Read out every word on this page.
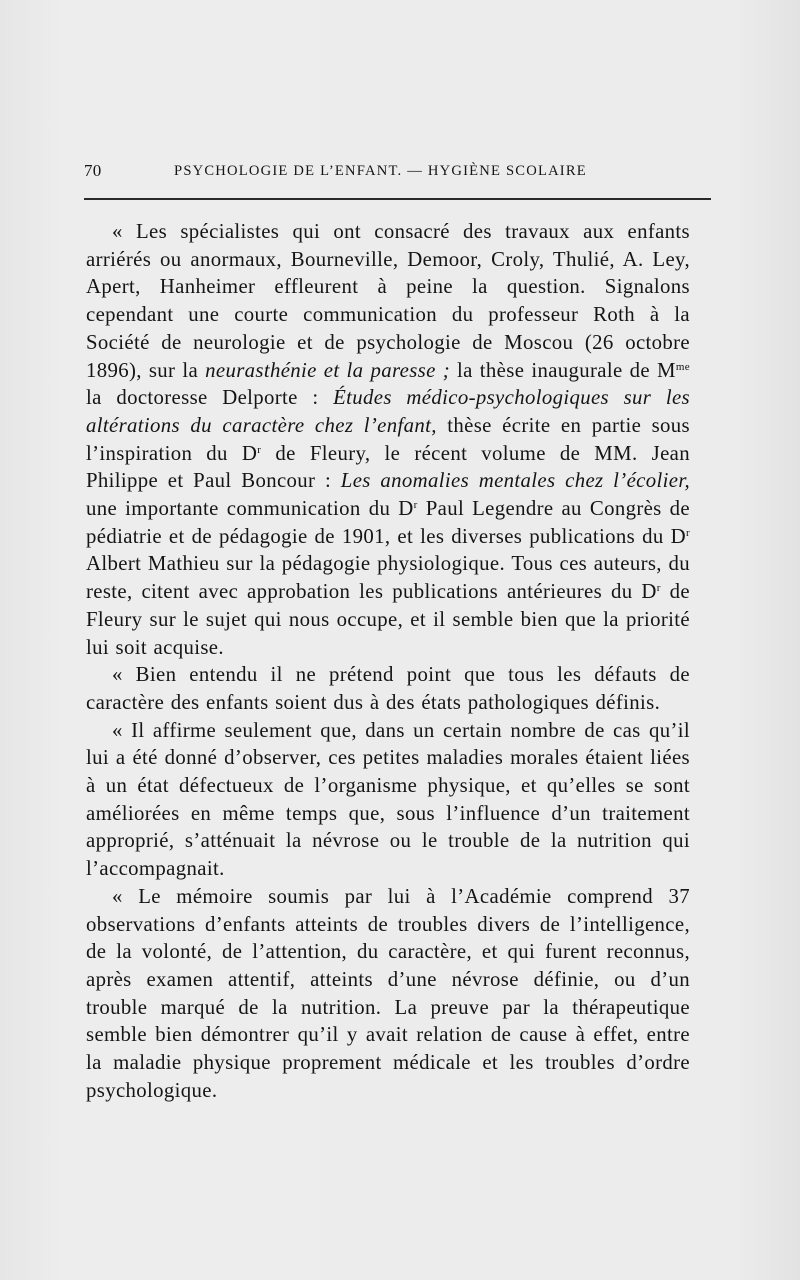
70	PSYCHOLOGIE DE L’ENFANT. — HYGIÈNE SCOLAIRE

« Les spécialistes qui ont consacré des travaux aux enfants arriérés ou anormaux, Bourneville, Demoor, Croly, Thulié, A. Ley, Apert, Hanheimer effleurent à peine la question. Signalons cependant une courte communication du professeur Roth à la Société de neurologie et de psychologie de Moscou (26 octobre 1896), sur la neurasthénie et la paresse ; la thèse inaugurale de $M^{me}$ la doctoresse Delporte : Études médico-psychologiques sur les altérations du caractère chez l’enfant, thèse écrite en partie sous l’inspiration du $D^r$ de Fleury, le récent volume de MM. Jean Philippe et Paul Boncour : Les anomalies mentales chez l’écolier, une importante communication du $D^r$ Paul Legendre au Congrès de pédiatrie et de pédagogie de 1901, et les diverses publications du $D^r$ Albert Mathieu sur la pédagogie physiologique. Tous ces auteurs, du reste, citent avec approbation les publications antérieures du $D^r$ de Fleury sur le sujet qui nous occupe, et il semble bien que la priorité lui soit acquise.

« Bien entendu il ne prétend point que tous les défauts de caractère des enfants soient dus à des états pathologiques définis.

« Il affirme seulement que, dans un certain nombre de cas qu’il lui a été donné d’observer, ces petites maladies morales étaient liées à un état défectueux de l’organisme physique, et qu’elles se sont améliorées en même temps que, sous l’influence d’un traitement approprié, s’atténuait la névrose ou le trouble de la nutrition qui l’accompagnait.

« Le mémoire soumis par lui à l’Académie comprend 37 observations d’enfants atteints de troubles divers de l’intelligence, de la volonté, de l’attention, du caractère, et qui furent reconnus, après examen attentif, atteints d’une névrose définie, ou d’un trouble marqué de la nutrition. La preuve par la thérapeutique semble bien démontrer qu’il y avait relation de cause à effet, entre la maladie physique proprement médicale et les troubles d’ordre psychologique.
